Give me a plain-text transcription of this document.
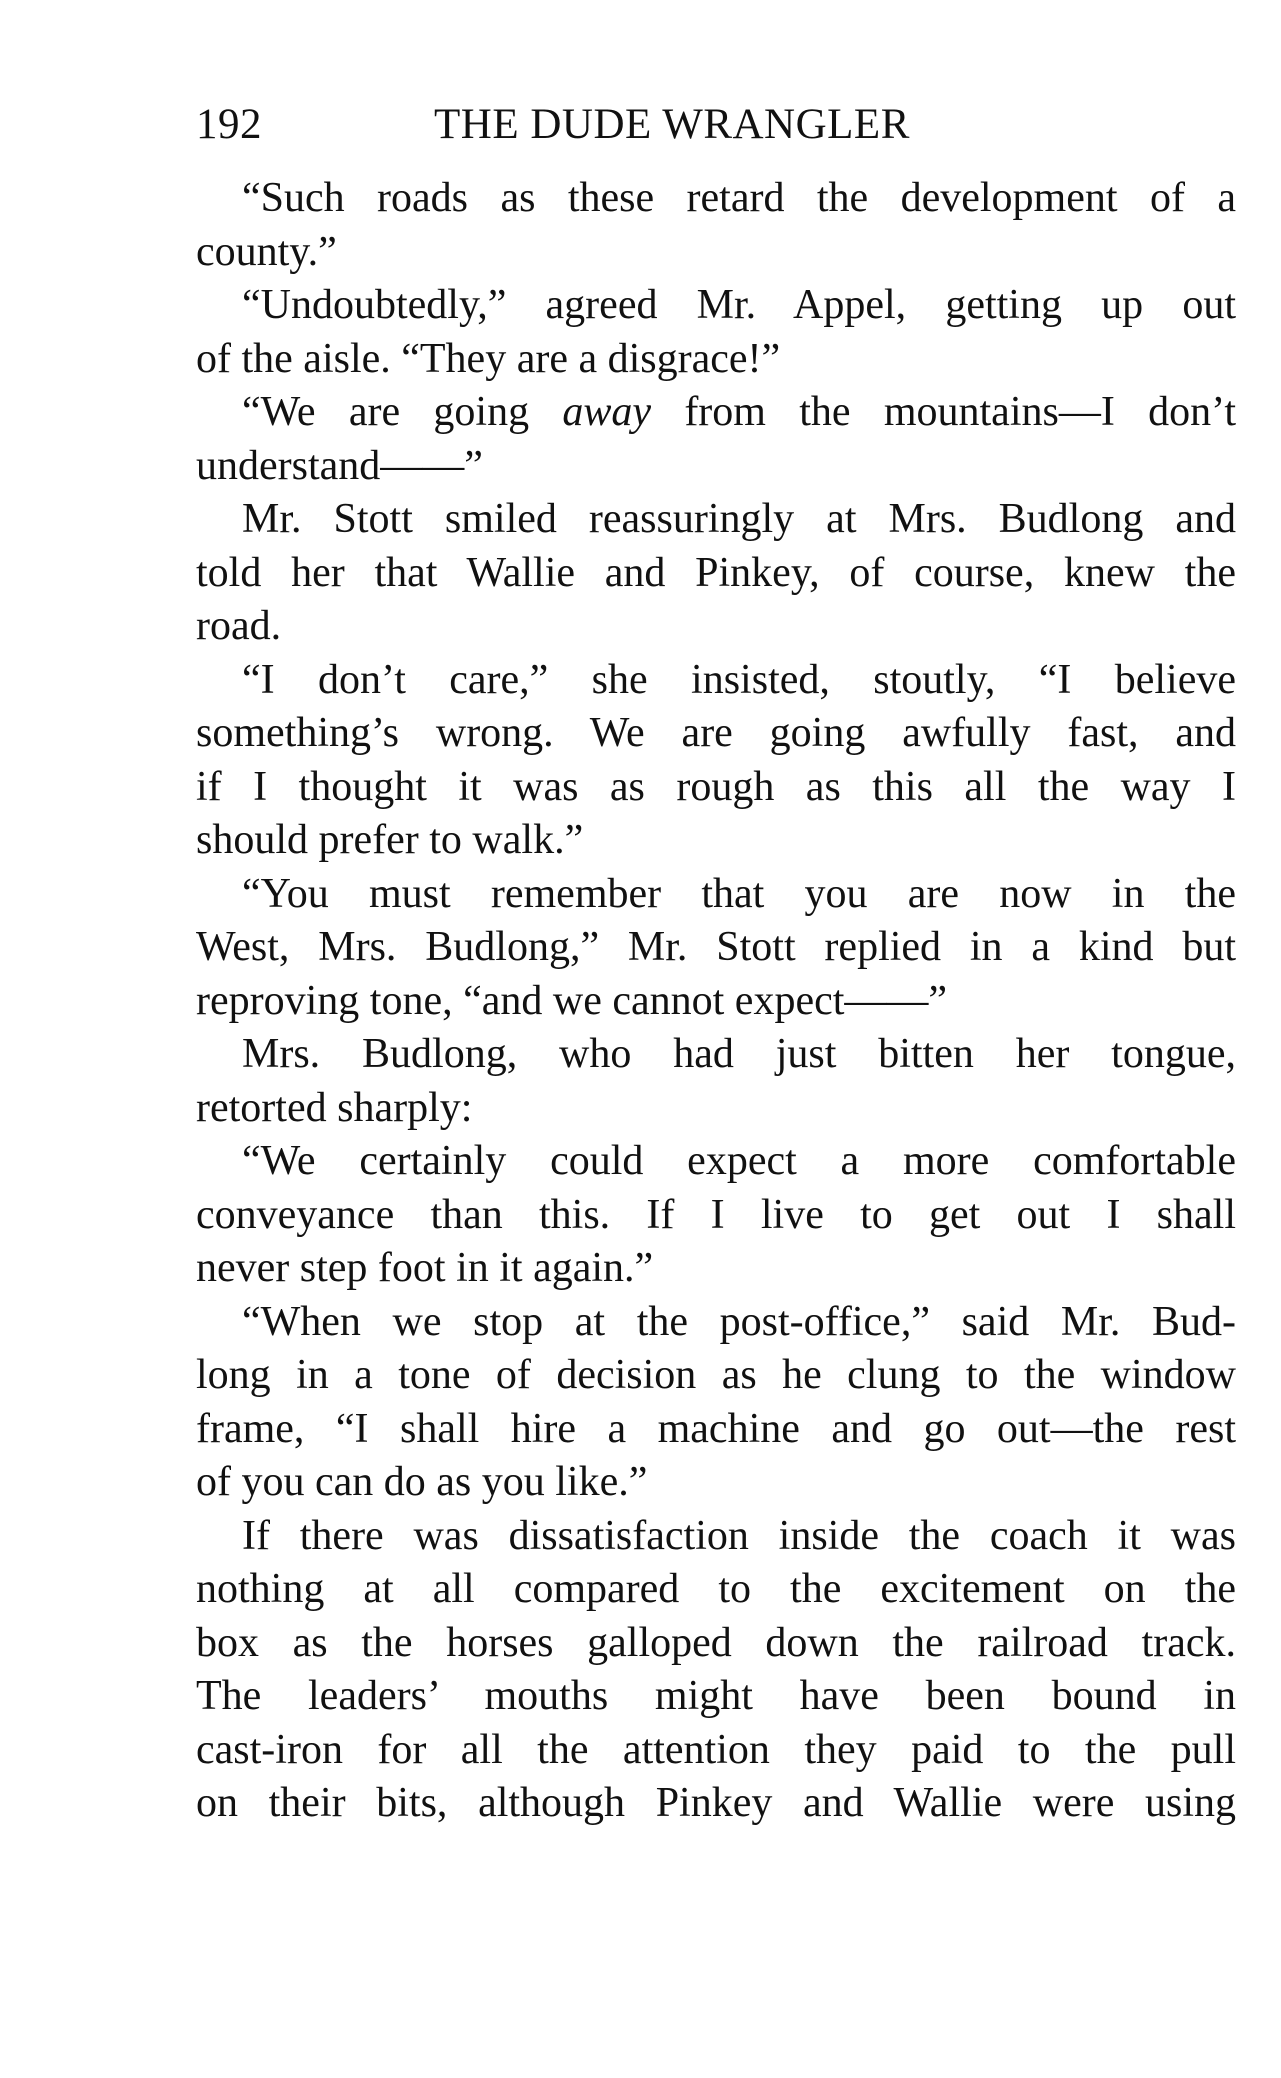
192	THE DUDE WRANGLER
“Such roads as these retard the development of a
county.”
“Undoubtedly,” agreed Mr. Appel, getting up out
of the aisle. “They are a disgrace!”
“We are going away from the mountains—I don’t
understand——”
Mr. Stott smiled reassuringly at Mrs. Budlong and
told her that Wallie and Pinkey, of course, knew the
road.
“I don’t care,” she insisted, stoutly, “I believe
something’s wrong. We are going awfully fast, and
if I thought it was as rough as this all the way I
should prefer to walk.”
“You must remember that you are now in the
West, Mrs. Budlong,” Mr. Stott replied in a kind but
reproving tone, “and we cannot expect——”
Mrs. Budlong, who had just bitten her tongue,
retorted sharply:
“We certainly could expect a more comfortable
conveyance than this. If I live to get out I shall
never step foot in it again.”
“When we stop at the post-office,” said Mr. Bud-
long in a tone of decision as he clung to the window
frame, “I shall hire a machine and go out—the rest
of you can do as you like.”
If there was dissatisfaction inside the coach it was
nothing at all compared to the excitement on the
box as the horses galloped down the railroad track.
The leaders’ mouths might have been bound in
cast-iron for all the attention they paid to the pull
on their bits, although Pinkey and Wallie were using
